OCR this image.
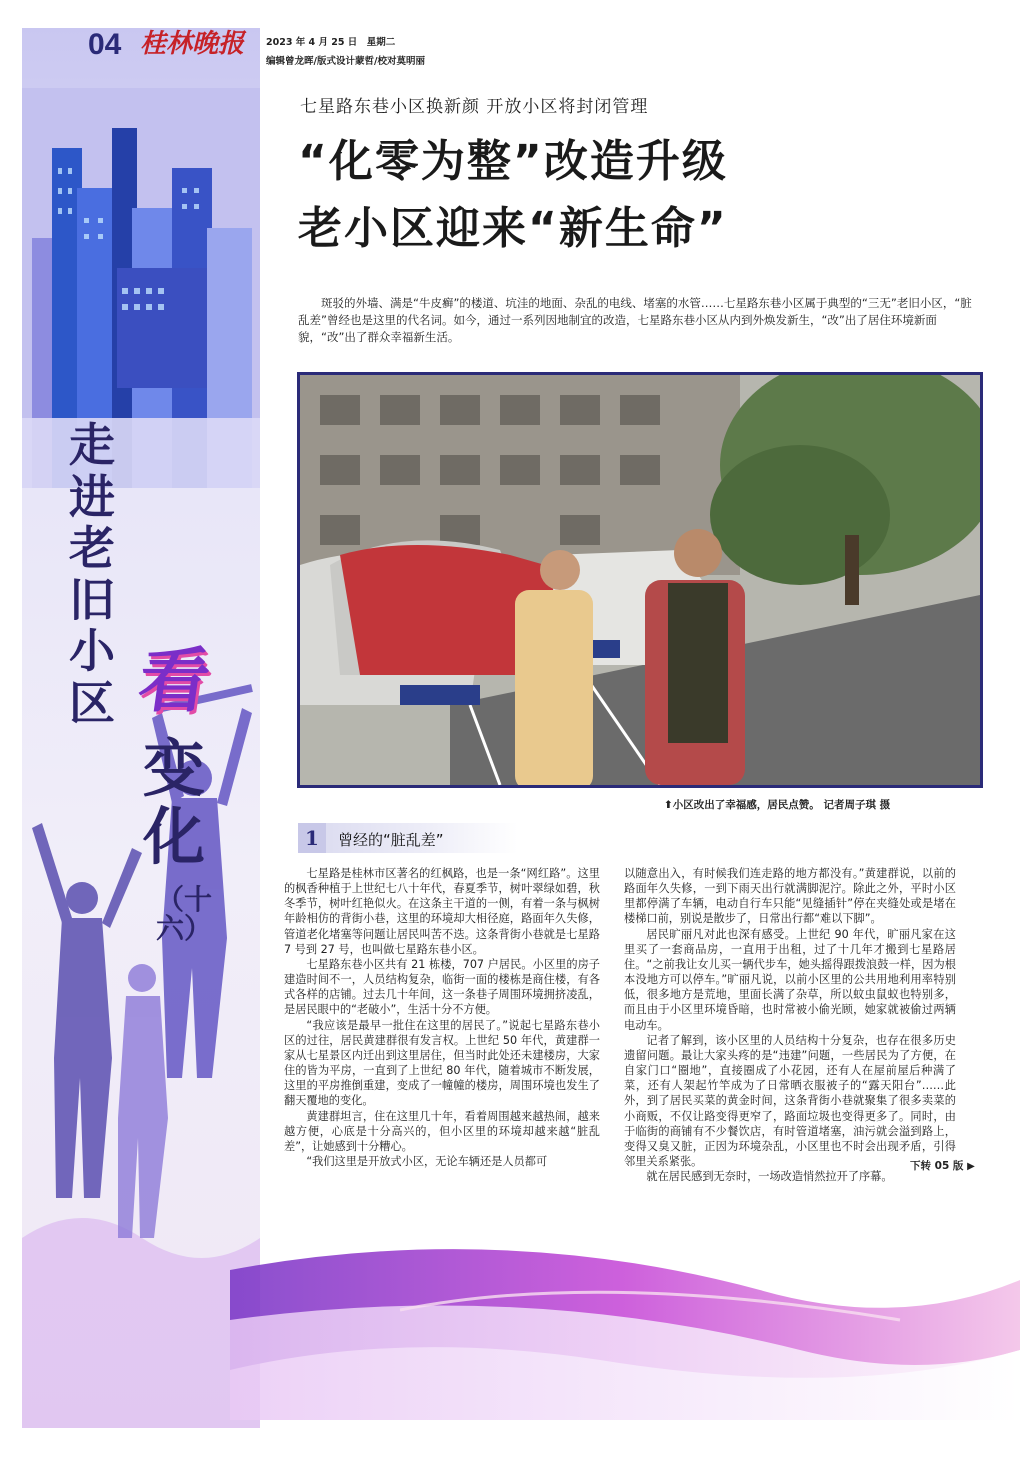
04 桂林晚报
走进老旧小区 看
变化
（十六）
2023 年 4 月 25 日　星期二
编辑曾龙晖/版式设计蒙哲/校对莫明丽
七星路东巷小区换新颜 开放小区将封闭管理
“化零为整”改造升级
老小区迎来“新生命”

斑驳的外墙、满是“牛皮癣”的楼道、坑洼的地面、杂乱的电线、堵塞的水管……七星路东巷小区属于典型的“三无”老旧小区，“脏乱差”曾经也是这里的代名词。如今，通过一系列因地制宜的改造，七星路东巷小区从内到外焕发新生，“改”出了居住环境新面貌，“改”出了群众幸福新生活。

⬆小区改出了幸福感，居民点赞。 记者周子琪 摄
1	曾经的“脏乱差”

七星路是桂林市区著名的红枫路，也是一条“网红路”。这里的枫香种植于上世纪七八十年代，春夏季节，树叶翠绿如碧，秋冬季节，树叶红艳似火。在这条主干道的一侧，有着一条与枫树年龄相仿的背街小巷，这里的环境却大相径庭，路面年久失修，管道老化堵塞等问题让居民叫苦不迭。这条背街小巷就是七星路 7 号到 27 号，也叫做七星路东巷小区。

七星路东巷小区共有 21 栋楼，707 户居民。小区里的房子建造时间不一，人员结构复杂，临街一面的楼栋是商住楼，有各式各样的店铺。过去几十年间，这一条巷子周围环境拥挤凌乱，是居民眼中的“老破小”，生活十分不方便。

“我应该是最早一批住在这里的居民了。”说起七星路东巷小区的过往，居民黄建群很有发言权。上世纪 50 年代，黄建群一家从七星景区内迁出到这里居住，但当时此处还未建楼房，大家住的皆为平房，一直到了上世纪 80 年代，随着城市不断发展，这里的平房推倒重建，变成了一幢幢的楼房，周围环境也发生了翻天覆地的变化。

黄建群坦言，住在这里几十年，看着周围越来越热闹，越来越方便，心底是十分高兴的，但小区里的环境却越来越“脏乱差”，让她感到十分糟心。

“我们这里是开放式小区，无论车辆还是人员都可

以随意出入，有时候我们连走路的地方都没有。”黄建群说，以前的路面年久失修，一到下雨天出行就满脚泥泞。除此之外，平时小区里都停满了车辆，电动自行车只能“见缝插针”停在夹缝处或是堵在楼梯口前，别说是散步了，日常出行都“难以下脚”。

居民旷丽凡对此也深有感受。上世纪 90 年代，旷丽凡家在这里买了一套商品房，一直用于出租，过了十几年才搬到七星路居住。“之前我让女儿买一辆代步车，她头摇得跟拨浪鼓一样，因为根本没地方可以停车。”旷丽凡说，以前小区里的公共用地利用率特别低，很多地方是荒地，里面长满了杂草，所以蚊虫鼠蚁也特别多，而且由于小区里环境昏暗，也时常被小偷光顾，她家就被偷过两辆电动车。

记者了解到，该小区里的人员结构十分复杂，也存在很多历史遗留问题。最让大家头疼的是“违建”问题，一些居民为了方便，在自家门口“圈地”，直接圈成了小花园，还有人在屋前屋后种满了菜，还有人架起竹竿成为了日常晒衣服被子的“露天阳台”……此外，到了居民买菜的黄金时间，这条背街小巷就聚集了很多卖菜的小商贩，不仅让路变得更窄了，路面垃圾也变得更多了。同时，由于临街的商铺有不少餐饮店，有时管道堵塞，油污就会溢到路上，变得又臭又脏，正因为环境杂乱，小区里也不时会出现矛盾，引得邻里关系紧张。

就在居民感到无奈时，一场改造悄然拉开了序幕。

下转 05 版 ▶
